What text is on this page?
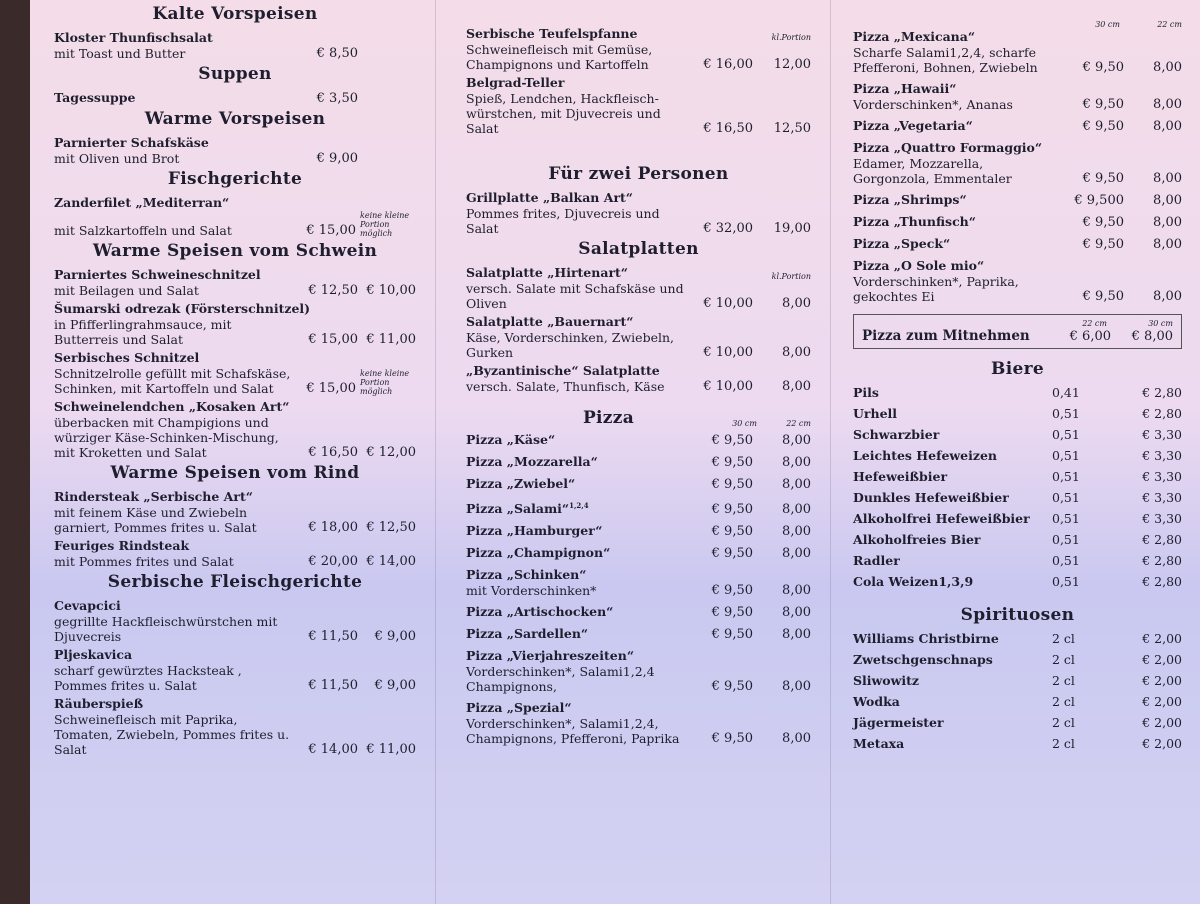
Kalte Vorspeisen
Kloster Thunfischsalat
mit Toast und Butter	€ 8,50
Suppen
Tagessuppe	€ 3,50
Warme Vorspeisen
Parnierter Schafskäse
mit Oliven und Brot	€ 9,00
Fischgerichte
Zanderfilet „Mediterran“
mit Salzkartoffeln und Salat	€ 15,00
keine kleine Portion möglich
Warme Speisen vom Schwein
Parniertes Schweineschnitzel
mit Beilagen und Salat	€ 12,50 € 10,00
Šumarski odrezak (Försterschnitzel)
in Pfifferlingrahmsauce, mit Butterreis und Salat	€ 15,00 € 11,00
Serbisches Schnitzel
Schnitzelrolle gefüllt mit Schafskäse, Schinken, mit Kartoffeln und Salat	€ 15,00
keine kleine Portion möglich
Schweinelendchen „Kosaken Art“
überbacken mit Champigions und würziger Käse-Schinken-Mischung, mit Kroketten und Salat	€ 16,50 € 12,00
Warme Speisen vom Rind
Rindersteak „Serbische Art“
mit feinem Käse und Zwiebeln garniert, Pommes frites u. Salat	€ 18,00 € 12,50
Feuriges Rindsteak
mit Pommes frites und Salat	€ 20,00 € 14,00
Serbische Fleischgerichte
Cevapcici
gegrillte Hackfleischwürstchen mit Djuvecreis	€ 11,50	€ 9,00
Pljeskavica
scharf gewürztes Hacksteak , Pommes frites u. Salat	€ 11,50	€ 9,00
Räuberspieß
Schweinefleisch mit Paprika, Tomaten, Zwiebeln, Pommes frites u. Salat	€ 14,00 € 11,00
Serbische Teufelspfanne	kl.Portion
Schweinefleisch mit Gemüse, Champignons und Kartoffeln	€ 16,00	12,00
Belgrad-Teller
Spieß, Lendchen, Hackfleisch-würstchen, mit Djuvecreis und Salat	€ 16,50	12,50
Für zwei Personen
Grillplatte „Balkan Art“
Pommes frites, Djuvecreis und Salat	€ 32,00	19,00
Salatplatten
Salatplatte „Hirtenart“	kl.Portion
versch. Salate mit Schafskäse und Oliven	€ 10,00	8,00
Salatplatte „Bauernart“
Käse, Vorderschinken, Zwiebeln, Gurken	€ 10,00	8,00
„Byzantinische“ Salatplatte
versch. Salate, Thunfisch, Käse	€ 10,00	8,00
Pizza	30 cm	22 cm
Pizza „Käse“	€ 9,50	8,00
Pizza „Mozzarella“	€ 9,50	8,00
Pizza „Zwiebel“	€ 9,50	8,00
Pizza „Salami“$^{1,2,4}$	€ 9,50	8,00
Pizza „Hamburger“	€ 9,50	8,00
Pizza „Champignon“	€ 9,50	8,00
Pizza „Schinken“
mit Vorderschinken*	€ 9,50	8,00
Pizza „Artischocken“	€ 9,50	8,00
Pizza „Sardellen“	€ 9,50	8,00
Pizza „Vierjahreszeiten“
Vorderschinken*, Salami1,2,4 Champignons,	€ 9,50	8,00
Pizza „Spezial“
Vorderschinken*, Salami1,2,4, Champignons, Pfefferoni, Paprika	€ 9,50	8,00
30 cm	22 cm
Pizza „Mexicana“
Scharfe Salami1,2,4, scharfe Pfefferoni, Bohnen, Zwiebeln	€ 9,50	8,00
Pizza „Hawaii“
Vorderschinken*, Ananas	€ 9,50	8,00
Pizza „Vegetaria“	€ 9,50	8,00
Pizza „Quattro Formaggio“
Edamer, Mozzarella, Gorgonzola, Emmentaler	€ 9,50	8,00
Pizza „Shrimps“	€ 9,500	8,00
Pizza „Thunfisch“	€ 9,50	8,00
Pizza „Speck“	€ 9,50	8,00
Pizza „O Sole mio“
Vorderschinken*, Paprika, gekochtes Ei	€ 9,50	8,00
22 cm	30 cm
Pizza zum Mitnehmen	€ 6,00	€ 8,00
Biere
Pils	0,41	€ 2,80
Urhell	0,51	€ 2,80
Schwarzbier	0,51	€ 3,30
Leichtes Hefeweizen	0,51	€ 3,30
Hefeweißbier	0,51	€ 3,30
Dunkles Hefeweißbier	0,51	€ 3,30
Alkoholfrei Hefeweißbier	0,51	€ 3,30
Alkoholfreies Bier	0,51	€ 2,80
Radler	0,51	€ 2,80
Cola Weizen1,3,9	0,51	€ 2,80
Spirituosen
Williams Christbirne	2 cl	€ 2,00
Zwetschgenschnaps	2 cl	€ 2,00
Sliwowitz	2 cl	€ 2,00
Wodka	2 cl	€ 2,00
Jägermeister	2 cl	€ 2,00
Metaxa	2 cl	€ 2,00
